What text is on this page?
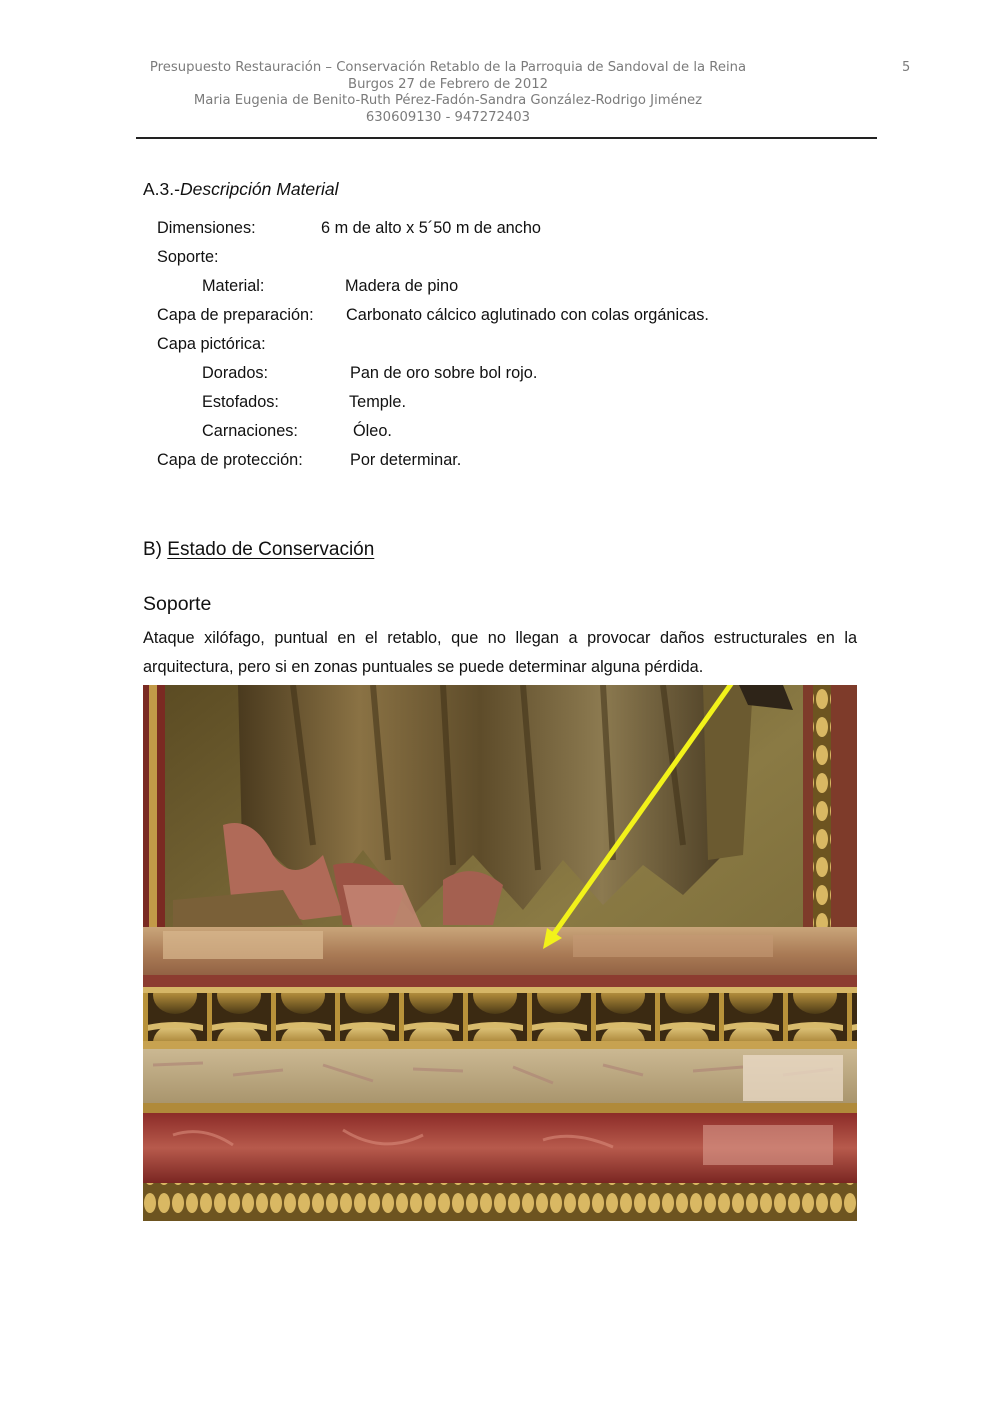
Presupuesto Restauración – Conservación Retablo de la Parroquia de Sandoval de la Reina
Burgos 27 de Febrero de 2012
Maria Eugenia de Benito-Ruth Pérez-Fadón-Sandra González-Rodrigo Jiménez
630609130 - 947272403
5
A.3.-Descripción Material
Dimensiones:	6 m de alto x 5´50 m de ancho
Soporte:
Material:	Madera de pino
Capa de preparación: Carbonato cálcico aglutinado con colas orgánicas.
Capa pictórica:
Dorados:	Pan de oro sobre bol rojo.
Estofados:	Temple.
Carnaciones:	Óleo.
Capa de protección:	Por determinar.
B) Estado de Conservación
Soporte
Ataque xilófago, puntual en el retablo, que no llegan a provocar daños estructurales en la arquitectura, pero si en zonas puntuales se puede determinar alguna pérdida.
